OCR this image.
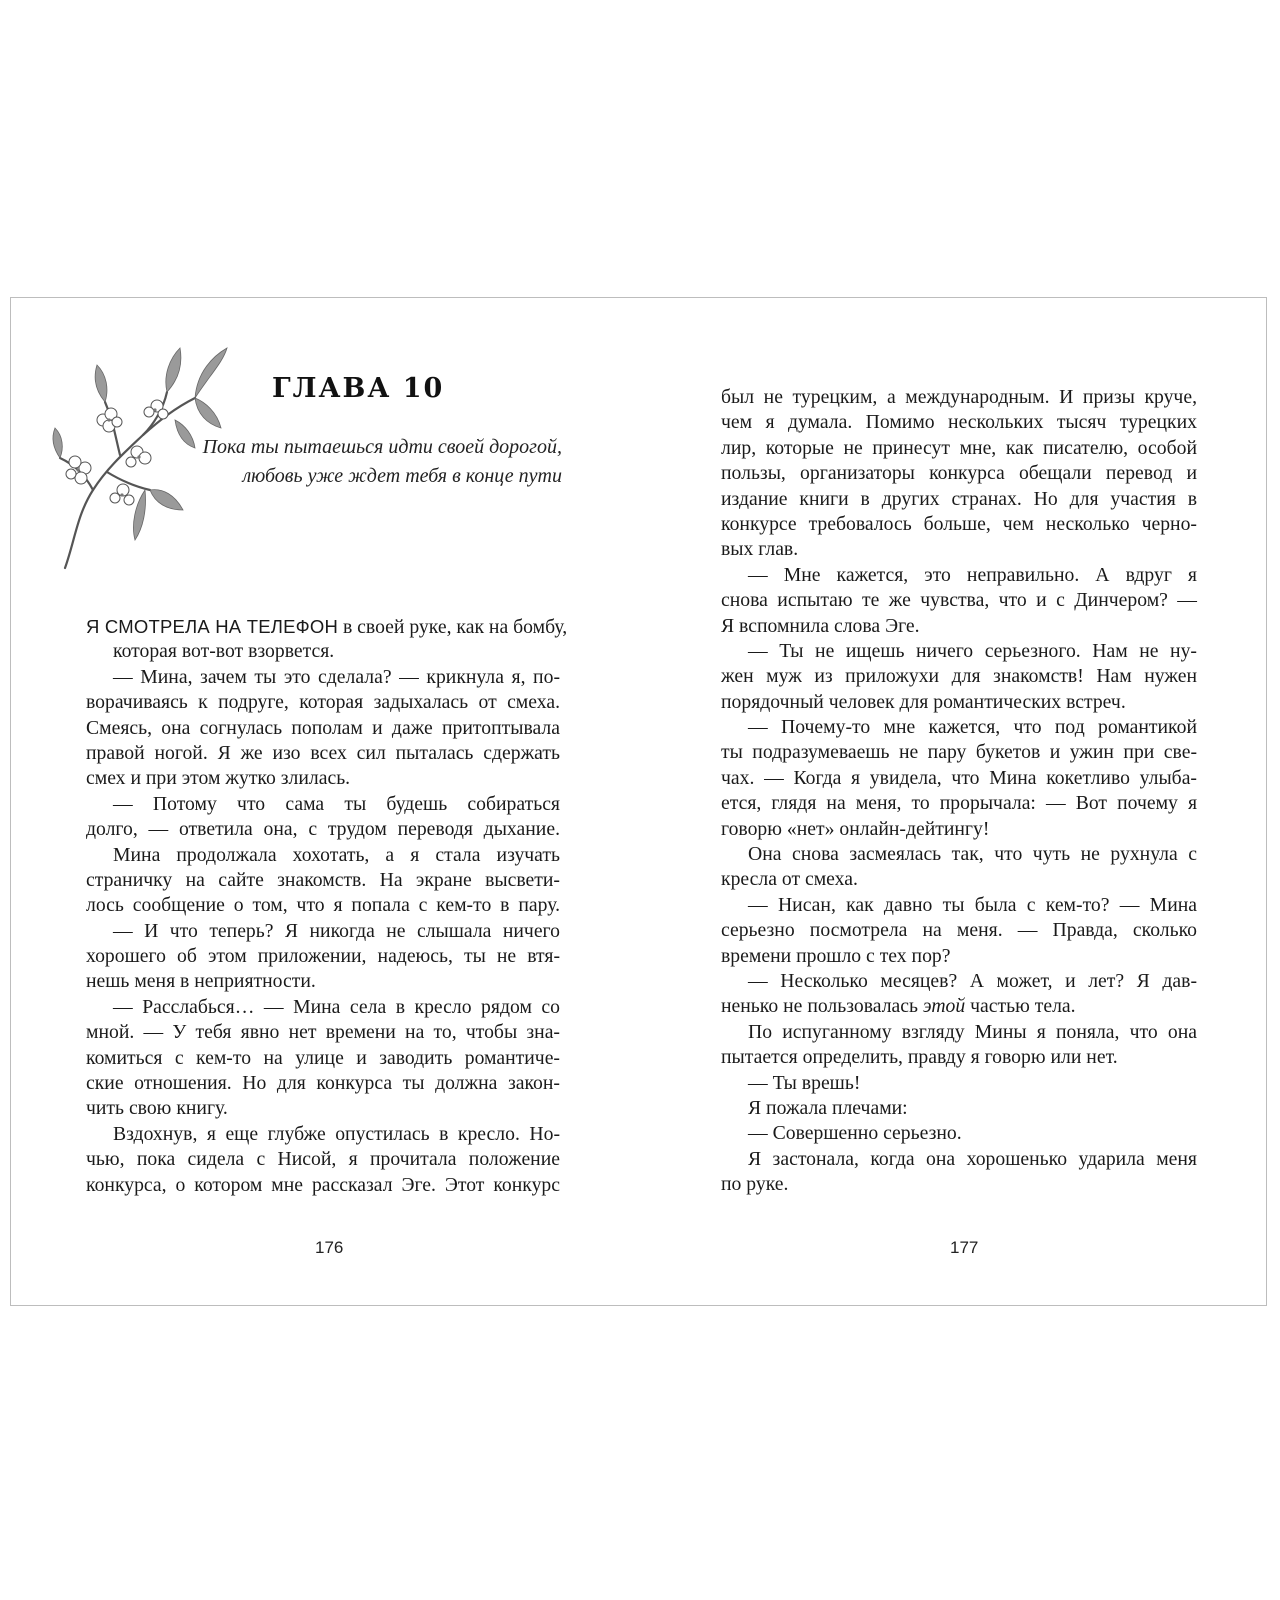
ГЛАВА 10
Пока ты пытаешься идти своей дорогой,
любовь уже ждет тебя в конце пути
Я СМОТРЕЛА НА ТЕЛЕФОН в своей руке, как на бомбу,
которая вот-вот взорвется.
— Мина, зачем ты это сделала? — крикнула я, по-
ворачиваясь к подруге, которая задыхалась от смеха.
Смеясь, она согнулась пополам и даже притоптывала
правой ногой. Я же изо всех сил пыталась сдержать
смех и при этом жутко злилась.
— Потому что сама ты будешь собираться
долго, — ответила она, с трудом переводя дыхание.
Мина продолжала хохотать, а я стала изучать
страничку на сайте знакомств. На экране высвети-
лось сообщение о том, что я попала с кем-то в пару.
— И что теперь? Я никогда не слышала ничего
хорошего об этом приложении, надеюсь, ты не втя-
нешь меня в неприятности.
— Расслабься… — Мина села в кресло рядом со
мной. — У тебя явно нет времени на то, чтобы зна-
комиться с кем-то на улице и заводить романтиче-
ские отношения. Но для конкурса ты должна закон-
чить свою книгу.
Вздохнув, я еще глубже опустилась в кресло. Но-
чью, пока сидела с Нисой, я прочитала положение
конкурса, о котором мне рассказал Эге. Этот конкурс
был не турецким, а международным. И призы круче,
чем я думала. Помимо нескольких тысяч турецких
лир, которые не принесут мне, как писателю, особой
пользы, организаторы конкурса обещали перевод и
издание книги в других странах. Но для участия в
конкурсе требовалось больше, чем несколько черно-
вых глав.
— Мне кажется, это неправильно. А вдруг я
снова испытаю те же чувства, что и с Динчером? —
Я вспомнила слова Эге.
— Ты не ищешь ничего серьезного. Нам не ну-
жен муж из приложухи для знакомств! Нам нужен
порядочный человек для романтических встреч.
— Почему-то мне кажется, что под романтикой
ты подразумеваешь не пару букетов и ужин при све-
чах. — Когда я увидела, что Мина кокетливо улыба-
ется, глядя на меня, то прорычала: — Вот почему я
говорю «нет» онлайн-дейтингу!
Она снова засмеялась так, что чуть не рухнула с
кресла от смеха.
— Нисан, как давно ты была с кем-то? — Мина
серьезно посмотрела на меня. — Правда, сколько
времени прошло с тех пор?
— Несколько месяцев? А может, и лет? Я дав-
ненько не пользовалась этой частью тела.
По испуганному взгляду Мины я поняла, что она
пытается определить, правду я говорю или нет.
— Ты врешь!
Я пожала плечами:
— Совершенно серьезно.
Я застонала, когда она хорошенько ударила меня
по руке.
176	177
